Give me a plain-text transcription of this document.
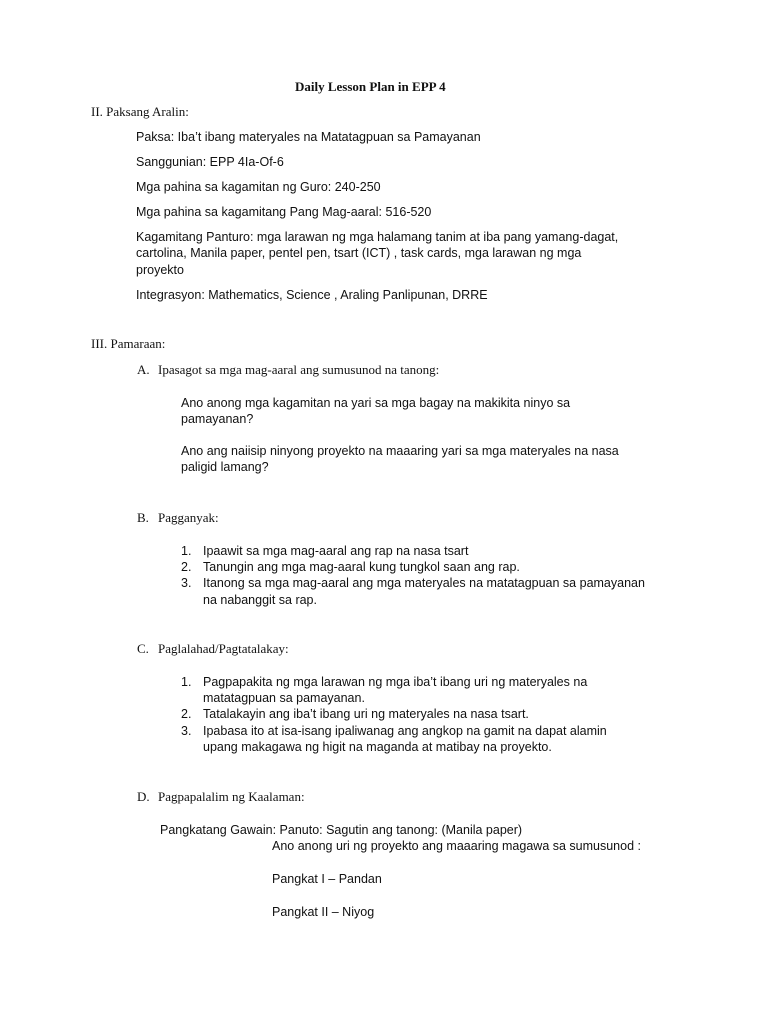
Daily Lesson Plan in EPP 4
II. Paksang Aralin:
Paksa: Iba’t ibang materyales na Matatagpuan sa Pamayanan
Sanggunian: EPP 4Ia-Of-6
Mga pahina sa kagamitan ng Guro: 240-250
Mga pahina sa kagamitang Pang Mag-aaral: 516-520
Kagamitang Panturo: mga larawan ng mga halamang tanim at iba pang yamang-dagat,
cartolina, Manila paper, pentel pen, tsart (ICT) , task cards, mga larawan ng mga
proyekto
Integrasyon: Mathematics, Science , Araling Panlipunan, DRRE
III. Pamaraan:
A. Ipasagot sa mga mag-aaral ang sumusunod na tanong:
Ano anong mga kagamitan na yari sa mga bagay na makikita ninyo sa
pamayanan?
Ano ang naiisip ninyong proyekto na maaaring yari sa mga materyales na nasa
paligid lamang?
B. Pagganyak:
1. Ipaawit sa mga mag-aaral ang rap na nasa tsart
2. Tanungin ang mga mag-aaral kung tungkol saan ang rap.
3. Itanong sa mga mag-aaral ang mga materyales na matatagpuan sa pamayanan
na nabanggit sa rap.
C. Paglalahad/Pagtatalakay:
1. Pagpapakita ng mga larawan ng mga iba’t ibang uri ng materyales na
matatagpuan sa pamayanan.
2. Tatalakayin ang iba’t ibang uri ng materyales na nasa tsart.
3. Ipabasa ito at isa-isang ipaliwanag ang angkop na gamit na dapat alamin
upang makagawa ng higit na maganda at matibay na proyekto.
D. Pagpapalalim ng Kaalaman:
Pangkatang Gawain: Panuto: Sagutin ang tanong: (Manila paper)
Ano anong uri ng proyekto ang maaaring magawa sa sumusunod :
Pangkat I – Pandan
Pangkat II – Niyog
